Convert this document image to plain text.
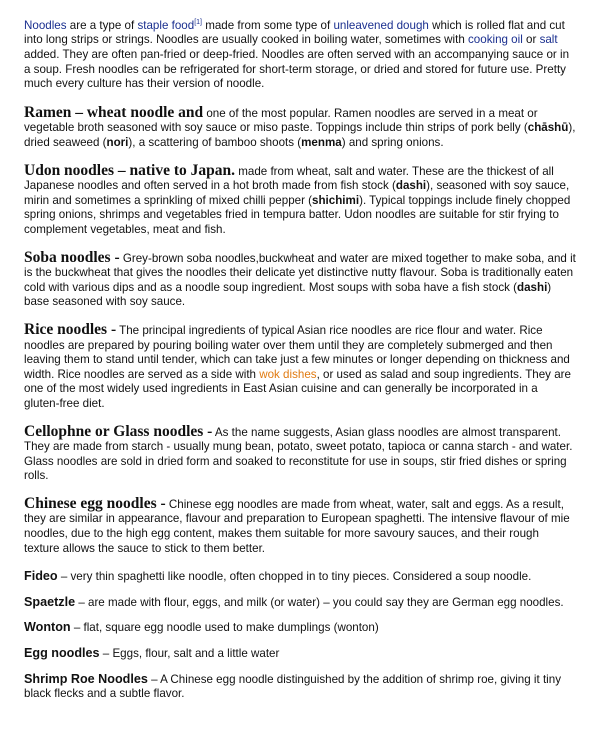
Noodles are a type of staple food[1] made from some type of unleavened dough which is rolled flat and cut into long strips or strings. Noodles are usually cooked in boiling water, sometimes with cooking oil or salt added. They are often pan-fried or deep-fried. Noodles are often served with an accompanying sauce or in a soup. Fresh noodles can be refrigerated for short-term storage, or dried and stored for future use. Pretty much every culture has their version of noodle.

Ramen – wheat noodle and one of the most popular. Ramen noodles are served in a meat or vegetable broth seasoned with soy sauce or miso paste. Toppings include thin strips of pork belly (chāshū), dried seaweed (nori), a scattering of bamboo shoots (menma) and spring onions.

Udon noodles – native to Japan. made from wheat, salt and water. These are the thickest of all Japanese noodles and often served in a hot broth made from fish stock (dashi), seasoned with soy sauce, mirin and sometimes a sprinkling of mixed chilli pepper (shichimi). Typical toppings include finely chopped spring onions, shrimps and vegetables fried in tempura batter. Udon noodles are suitable for stir frying to complement vegetables, meat and fish.

Soba noodles - Grey-brown soba noodles,buckwheat and water are mixed together to make soba, and it is the buckwheat that gives the noodles their delicate yet distinctive nutty flavour. Soba is traditionally eaten cold with various dips and as a noodle soup ingredient. Most soups with soba have a fish stock (dashi) base seasoned with soy sauce.

Rice noodles - The principal ingredients of typical Asian rice noodles are rice flour and water. Rice noodles are prepared by pouring boiling water over them until they are completely submerged and then leaving them to stand until tender, which can take just a few minutes or longer depending on thickness and width. Rice noodles are served as a side with wok dishes, or used as salad and soup ingredients. They are one of the most widely used ingredients in East Asian cuisine and can generally be incorporated in a gluten-free diet.

Cellophne or Glass noodles - As the name suggests, Asian glass noodles are almost transparent. They are made from starch - usually mung bean, potato, sweet potato, tapioca or canna starch - and water. Glass noodles are sold in dried form and soaked to reconstitute for use in soups, stir fried dishes or spring rolls.

Chinese egg noodles - Chinese egg noodles are made from wheat, water, salt and eggs. As a result, they are similar in appearance, flavour and preparation to European spaghetti. The intensive flavour of mie noodles, due to the high egg content, makes them suitable for more savoury sauces, and their rough texture allows the sauce to stick to them better.

Fideo – very thin spaghetti like noodle, often chopped in to tiny pieces. Considered a soup noodle.

Spaetzle – are made with flour, eggs, and milk (or water) – you could say they are German egg noodles.

Wonton – flat, square egg noodle used to make dumplings (wonton)

Egg noodles – Eggs, flour, salt and a little water

Shrimp Roe Noodles – A Chinese egg noodle distinguished by the addition of shrimp roe, giving it tiny black flecks and a subtle flavor.
